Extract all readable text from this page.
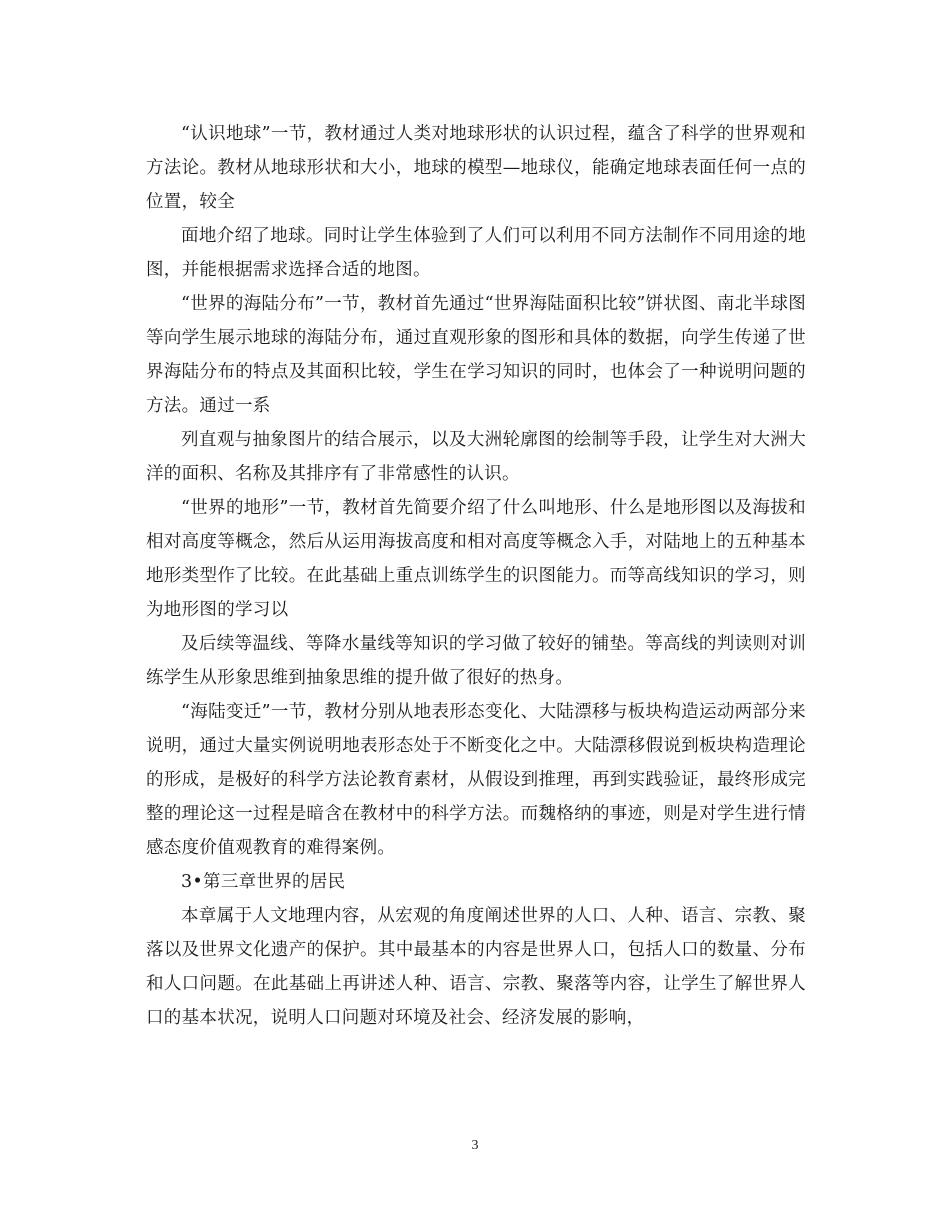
“认识地球”一节，教材通过人类对地球形状的认识过程，蕴含了科学的世界观和方法论。教材从地球形状和大小，地球的模型—地球仪，能确定地球表面任何一点的位置，较全

面地介绍了地球。同时让学生体验到了人们可以利用不同方法制作不同用途的地图，并能根据需求选择合适的地图。

“世界的海陆分布”一节，教材首先通过“世界海陆面积比较”饼状图、南北半球图等向学生展示地球的海陆分布，通过直观形象的图形和具体的数据，向学生传递了世界海陆分布的特点及其面积比较，学生在学习知识的同时，也体会了一种说明问题的方法。通过一系

列直观与抽象图片的结合展示，以及大洲轮廓图的绘制等手段，让学生对大洲大洋的面积、名称及其排序有了非常感性的认识。

“世界的地形”一节，教材首先简要介绍了什么叫地形、什么是地形图以及海拔和相对高度等概念，然后从运用海拔高度和相对高度等概念入手，对陆地上的五种基本地形类型作了比较。在此基础上重点训练学生的识图能力。而等高线知识的学习，则为地形图的学习以

及后续等温线、等降水量线等知识的学习做了较好的铺垫。等高线的判读则对训练学生从形象思维到抽象思维的提升做了很好的热身。

“海陆变迁”一节，教材分别从地表形态变化、大陆漂移与板块构造运动两部分来说明，通过大量实例说明地表形态处于不断变化之中。大陆漂移假说到板块构造理论的形成，是极好的科学方法论教育素材，从假设到推理，再到实践验证，最终形成完整的理论这一过程是暗含在教材中的科学方法。而魏格纳的事迹，则是对学生进行情感态度价值观教育的难得案例。

3•第三章世界的居民

本章属于人文地理内容，从宏观的角度阐述世界的人口、人种、语言、宗教、聚落以及世界文化遗产的保护。其中最基本的内容是世界人口，包括人口的数量、分布和人口问题。在此基础上再讲述人种、语言、宗教、聚落等内容，让学生了解世界人口的基本状况，说明人口问题对环境及社会、经济发展的影响，

3
